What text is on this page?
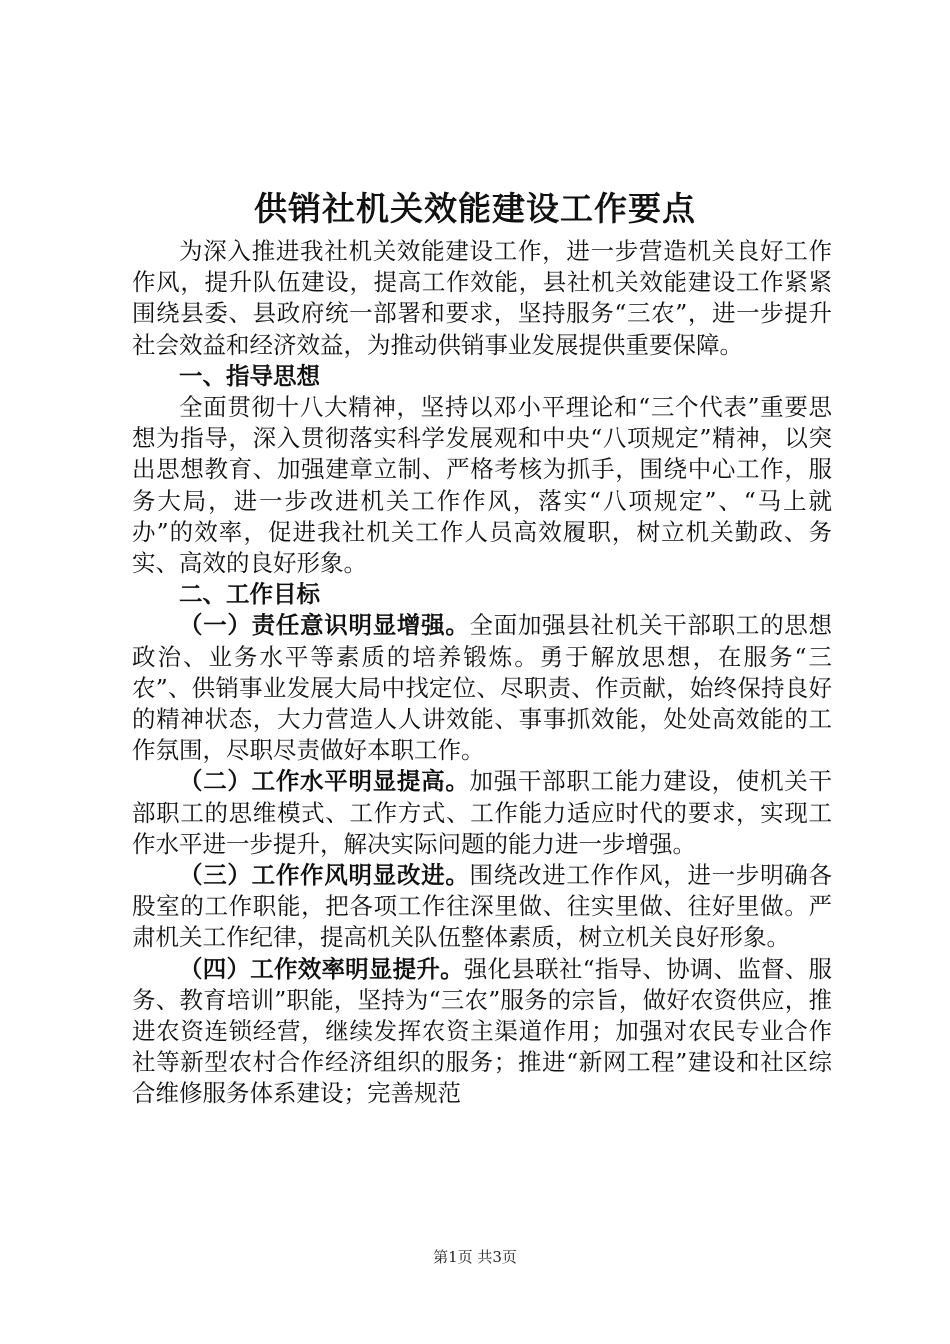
供销社机关效能建设工作要点

为深入推进我社机关效能建设工作，进一步营造机关良好工作作风，提升队伍建设，提高工作效能，县社机关效能建设工作紧紧围绕县委、县政府统一部署和要求，坚持服务“三农”，进一步提升社会效益和经济效益，为推动供销事业发展提供重要保障。

一、指导思想

全面贯彻十八大精神，坚持以邓小平理论和“三个代表”重要思想为指导，深入贯彻落实科学发展观和中央“八项规定”精神，以突出思想教育、加强建章立制、严格考核为抓手，围绕中心工作，服务大局，进一步改进机关工作作风，落实“八项规定”、“马上就办”的效率，促进我社机关工作人员高效履职，树立机关勤政、务实、高效的良好形象。

二、工作目标

（一）责任意识明显增强。全面加强县社机关干部职工的思想政治、业务水平等素质的培养锻炼。勇于解放思想，在服务“三农”、供销事业发展大局中找定位、尽职责、作贡献，始终保持良好的精神状态，大力营造人人讲效能、事事抓效能，处处高效能的工作氛围，尽职尽责做好本职工作。

（二）工作水平明显提高。加强干部职工能力建设，使机关干部职工的思维模式、工作方式、工作能力适应时代的要求，实现工作水平进一步提升，解决实际问题的能力进一步增强。

（三）工作作风明显改进。围绕改进工作作风，进一步明确各股室的工作职能，把各项工作往深里做、往实里做、往好里做。严肃机关工作纪律，提高机关队伍整体素质，树立机关良好形象。

（四）工作效率明显提升。强化县联社“指导、协调、监督、服务、教育培训”职能，坚持为“三农”服务的宗旨，做好农资供应，推进农资连锁经营，继续发挥农资主渠道作用；加强对农民专业合作社等新型农村合作经济组织的服务；推进“新网工程”建设和社区综合维修服务体系建设；完善规范

第1页 共3页
